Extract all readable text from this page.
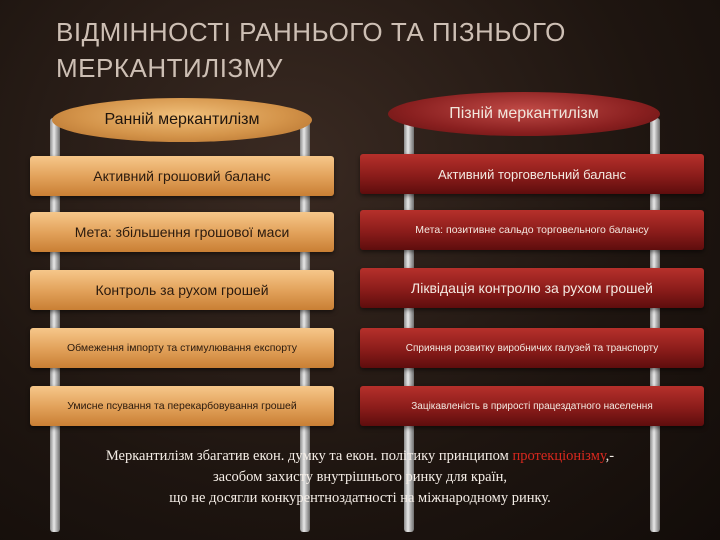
ВІДМІННОСТІ РАННЬОГО ТА ПІЗНЬОГО МЕРКАНТИЛІЗМУ
Ранній меркантилізм	Пізній меркантилізм
Активний грошовий баланс
Мета: збільшення грошової маси
Контроль за рухом грошей
Обмеження імпорту та стимулювання експорту
Умисне псування та перекарбовування грошей
Активний торговельний баланс
Мета: позитивне сальдо торговельного балансу
Ліквідація контролю за рухом грошей
Сприяння розвитку виробничих галузей та транспорту
Зацікавленість в прирості працездатного населення
Меркантилізм збагатив екон. думку та екон. політику принципом протекціонізму,-
засобом захисту внутрішнього ринку для країн,
що не досягли конкурентноздатності на міжнародному ринку.
